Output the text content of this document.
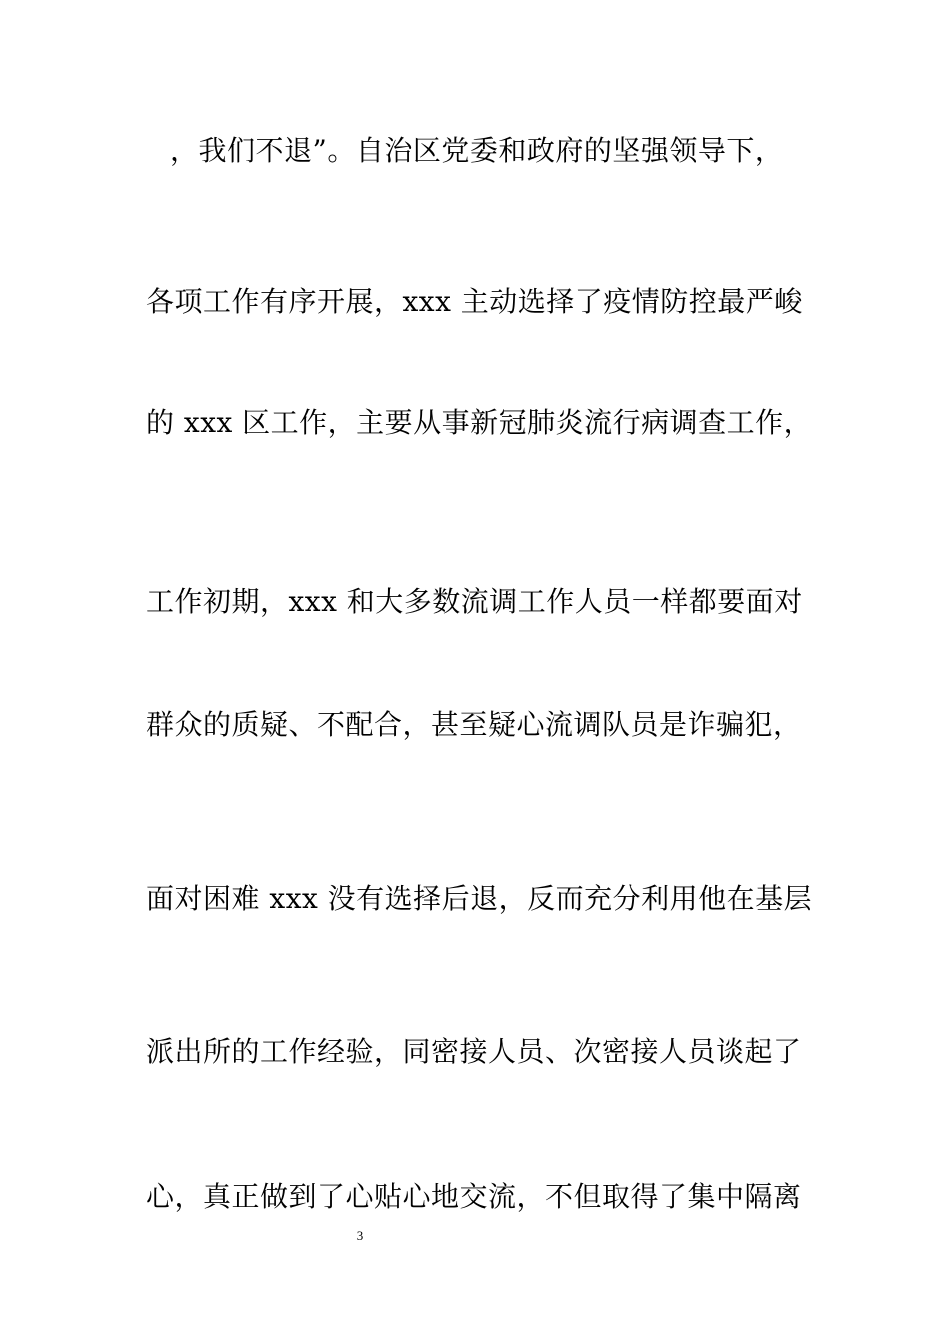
，我们不退”。自治区党委和政府的坚强领导下，
各项工作有序开展，xxx 主动选择了疫情防控最严峻
的 xxx 区工作，主要从事新冠肺炎流行病调查工作，
工作初期，xxx 和大多数流调工作人员一样都要面对
群众的质疑、不配合，甚至疑心流调队员是诈骗犯，
面对困难 xxx 没有选择后退，反而充分利用他在基层
派出所的工作经验，同密接人员、次密接人员谈起了
心，真正做到了心贴心地交流，不但取得了集中隔离
3
